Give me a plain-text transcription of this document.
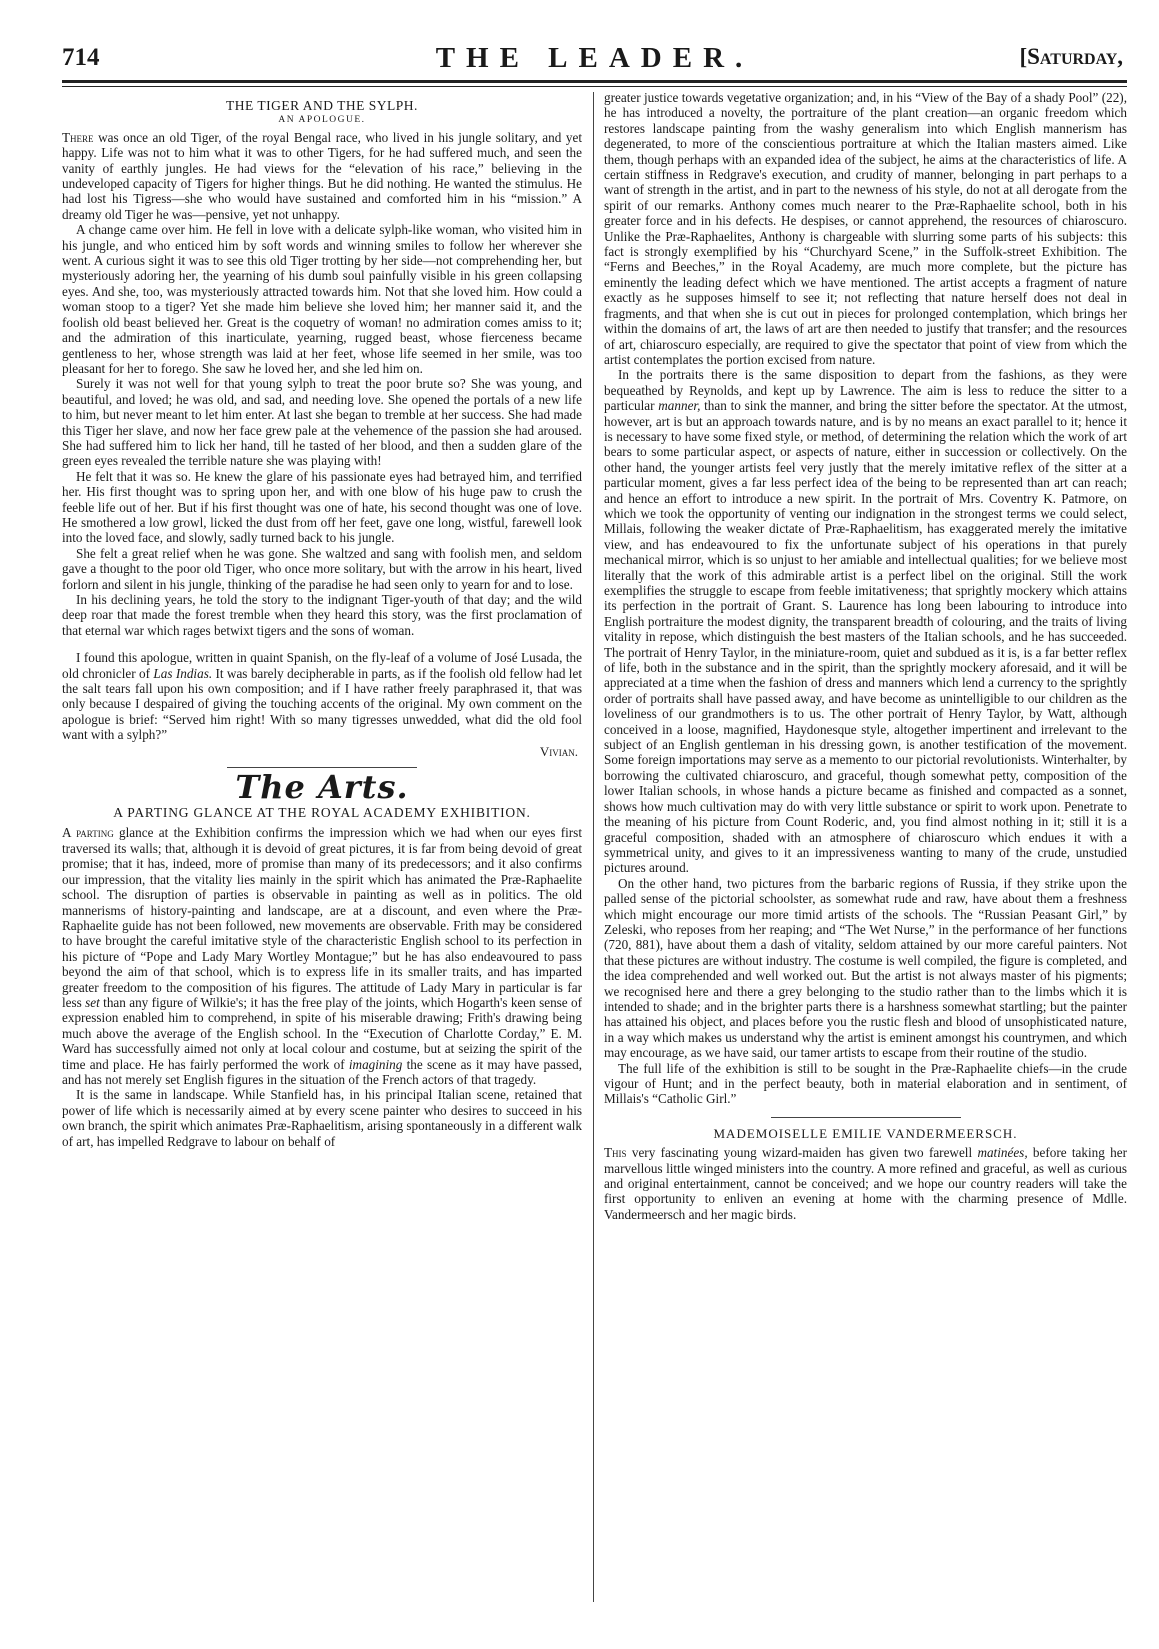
714	THE LEADER.	[Saturday,
THE TIGER AND THE SYLPH.
AN APOLOGUE.

There was once an old Tiger, of the royal Bengal race, who lived in his jungle solitary, and yet happy. Life was not to him what it was to other Tigers, for he had suffered much, and seen the vanity of earthly jungles. He had views for the “elevation of his race,” believing in the undeveloped capacity of Tigers for higher things. But he did nothing. He wanted the stimulus. He had lost his Tigress—she who would have sustained and comforted him in his “mission.” A dreamy old Tiger he was—pensive, yet not unhappy.

A change came over him. He fell in love with a delicate sylph-like woman, who visited him in his jungle, and who enticed him by soft words and winning smiles to follow her wherever she went. A curious sight it was to see this old Tiger trotting by her side—not comprehending her, but mysteriously adoring her, the yearning of his dumb soul painfully visible in his green collapsing eyes. And she, too, was mysteriously attracted towards him. Not that she loved him. How could a woman stoop to a tiger? Yet she made him believe she loved him; her manner said it, and the foolish old beast believed her. Great is the coquetry of woman! no admiration comes amiss to it; and the admiration of this inarticulate, yearning, rugged beast, whose fierceness became gentleness to her, whose strength was laid at her feet, whose life seemed in her smile, was too pleasant for her to forego. She saw he loved her, and she led him on.

Surely it was not well for that young sylph to treat the poor brute so? She was young, and beautiful, and loved; he was old, and sad, and needing love. She opened the portals of a new life to him, but never meant to let him enter. At last she began to tremble at her success. She had made this Tiger her slave, and now her face grew pale at the vehemence of the passion she had aroused. She had suffered him to lick her hand, till he tasted of her blood, and then a sudden glare of the green eyes revealed the terrible nature she was playing with!

He felt that it was so. He knew the glare of his passionate eyes had betrayed him, and terrified her. His first thought was to spring upon her, and with one blow of his huge paw to crush the feeble life out of her. But if his first thought was one of hate, his second thought was one of love. He smothered a low growl, licked the dust from off her feet, gave one long, wistful, farewell look into the loved face, and slowly, sadly turned back to his jungle.

She felt a great relief when he was gone. She waltzed and sang with foolish men, and seldom gave a thought to the poor old Tiger, who once more solitary, but with the arrow in his heart, lived forlorn and silent in his jungle, thinking of the paradise he had seen only to yearn for and to lose.

In his declining years, he told the story to the indignant Tiger-youth of that day; and the wild deep roar that made the forest tremble when they heard this story, was the first proclamation of that eternal war which rages betwixt tigers and the sons of woman.

I found this apologue, written in quaint Spanish, on the fly-leaf of a volume of José Lusada, the old chronicler of Las Indias. It was barely decipherable in parts, as if the foolish old fellow had let the salt tears fall upon his own composition; and if I have rather freely paraphrased it, that was only because I despaired of giving the touching accents of the original. My own comment on the apologue is brief: “Served him right! With so many tigresses unwedded, what did the old fool want with a sylph?”

Vivian.
The Arts.
A PARTING GLANCE AT THE ROYAL ACADEMY EXHIBITION.

A parting glance at the Exhibition confirms the impression which we had when our eyes first traversed its walls; that, although it is devoid of great pictures, it is far from being devoid of great promise; that it has, indeed, more of promise than many of its predecessors; and it also confirms our impression, that the vitality lies mainly in the spirit which has animated the Præ-Raphaelite school. The disruption of parties is observable in painting as well as in politics. The old mannerisms of history-painting and landscape, are at a discount, and even where the Præ-Raphaelite guide has not been followed, new movements are observable. Frith may be considered to have brought the careful imitative style of the characteristic English school to its perfection in his picture of “Pope and Lady Mary Wortley Montague;” but he has also endeavoured to pass beyond the aim of that school, which is to express life in its smaller traits, and has imparted greater freedom to the composition of his figures. The attitude of Lady Mary in particular is far less set than any figure of Wilkie's; it has the free play of the joints, which Hogarth's keen sense of expression enabled him to comprehend, in spite of his miserable drawing; Frith's drawing being much above the average of the English school. In the “Execution of Charlotte Corday,” E. M. Ward has successfully aimed not only at local colour and costume, but at seizing the spirit of the time and place. He has fairly performed the work of imagining the scene as it may have passed, and has not merely set English figures in the situation of the French actors of that tragedy.

It is the same in landscape. While Stanfield has, in his principal Italian scene, retained that power of life which is necessarily aimed at by every scene painter who desires to succeed in his own branch, the spirit which animates Præ-Raphaelitism, arising spontaneously in a different walk of art, has impelled Redgrave to labour on behalf of

greater justice towards vegetative organization; and, in his “View of the Bay of a shady Pool” (22), he has introduced a novelty, the portraiture of the plant creation—an organic freedom which restores landscape painting from the washy generalism into which English mannerism has degenerated, to more of the conscientious portraiture at which the Italian masters aimed. Like them, though perhaps with an expanded idea of the subject, he aims at the characteristics of life. A certain stiffness in Redgrave's execution, and crudity of manner, belonging in part perhaps to a want of strength in the artist, and in part to the newness of his style, do not at all derogate from the spirit of our remarks. Anthony comes much nearer to the Præ-Raphaelite school, both in his greater force and in his defects. He despises, or cannot apprehend, the resources of chiaroscuro. Unlike the Præ-Raphaelites, Anthony is chargeable with slurring some parts of his subjects: this fact is strongly exemplified by his “Churchyard Scene,” in the Suffolk-street Exhibition. The “Ferns and Beeches,” in the Royal Academy, are much more complete, but the picture has eminently the leading defect which we have mentioned. The artist accepts a fragment of nature exactly as he supposes himself to see it; not reflecting that nature herself does not deal in fragments, and that when she is cut out in pieces for prolonged contemplation, which brings her within the domains of art, the laws of art are then needed to justify that transfer; and the resources of art, chiaroscuro especially, are required to give the spectator that point of view from which the artist contemplates the portion excised from nature.

In the portraits there is the same disposition to depart from the fashions, as they were bequeathed by Reynolds, and kept up by Lawrence. The aim is less to reduce the sitter to a particular manner, than to sink the manner, and bring the sitter before the spectator. At the utmost, however, art is but an approach towards nature, and is by no means an exact parallel to it; hence it is necessary to have some fixed style, or method, of determining the relation which the work of art bears to some particular aspect, or aspects of nature, either in succession or collectively. On the other hand, the younger artists feel very justly that the merely imitative reflex of the sitter at a particular moment, gives a far less perfect idea of the being to be represented than art can reach; and hence an effort to introduce a new spirit. In the portrait of Mrs. Coventry K. Patmore, on which we took the opportunity of venting our indignation in the strongest terms we could select, Millais, following the weaker dictate of Præ-Raphaelitism, has exaggerated merely the imitative view, and has endeavoured to fix the unfortunate subject of his operations in that purely mechanical mirror, which is so unjust to her amiable and intellectual qualities; for we believe most literally that the work of this admirable artist is a perfect libel on the original. Still the work exemplifies the struggle to escape from feeble imitativeness; that sprightly mockery which attains its perfection in the portrait of Grant. S. Laurence has long been labouring to introduce into English portraiture the modest dignity, the transparent breadth of colouring, and the traits of living vitality in repose, which distinguish the best masters of the Italian schools, and he has succeeded. The portrait of Henry Taylor, in the miniature-room, quiet and subdued as it is, is a far better reflex of life, both in the substance and in the spirit, than the sprightly mockery aforesaid, and it will be appreciated at a time when the fashion of dress and manners which lend a currency to the sprightly order of portraits shall have passed away, and have become as unintelligible to our children as the loveliness of our grandmothers is to us. The other portrait of Henry Taylor, by Watt, although conceived in a loose, magnified, Haydonesque style, altogether impertinent and irrelevant to the subject of an English gentleman in his dressing gown, is another testification of the movement. Some foreign importations may serve as a memento to our pictorial revolutionists. Winterhalter, by borrowing the cultivated chiaroscuro, and graceful, though somewhat petty, composition of the lower Italian schools, in whose hands a picture became as finished and compacted as a sonnet, shows how much cultivation may do with very little substance or spirit to work upon. Penetrate to the meaning of his picture from Count Roderic, and, you find almost nothing in it; still it is a graceful composition, shaded with an atmosphere of chiaroscuro which endues it with a symmetrical unity, and gives to it an impressiveness wanting to many of the crude, unstudied pictures around.

On the other hand, two pictures from the barbaric regions of Russia, if they strike upon the palled sense of the pictorial schoolster, as somewhat rude and raw, have about them a freshness which might encourage our more timid artists of the schools. The “Russian Peasant Girl,” by Zeleski, who reposes from her reaping; and “The Wet Nurse,” in the performance of her functions (720, 881), have about them a dash of vitality, seldom attained by our more careful painters. Not that these pictures are without industry. The costume is well compiled, the figure is completed, and the idea comprehended and well worked out. But the artist is not always master of his pigments; we recognised here and there a grey belonging to the studio rather than to the limbs which it is intended to shade; and in the brighter parts there is a harshness somewhat startling; but the painter has attained his object, and places before you the rustic flesh and blood of unsophisticated nature, in a way which makes us understand why the artist is eminent amongst his countrymen, and which may encourage, as we have said, our tamer artists to escape from their routine of the studio.

The full life of the exhibition is still to be sought in the Præ-Raphaelite chiefs—in the crude vigour of Hunt; and in the perfect beauty, both in material elaboration and in sentiment, of Millais's “Catholic Girl.”

MADEMOISELLE EMILIE VANDERMEERSCH.

This very fascinating young wizard-maiden has given two farewell matinées, before taking her marvellous little winged ministers into the country. A more refined and graceful, as well as curious and original entertainment, cannot be conceived; and we hope our country readers will take the first opportunity to enliven an evening at home with the charming presence of Mdlle. Vandermeersch and her magic birds.
